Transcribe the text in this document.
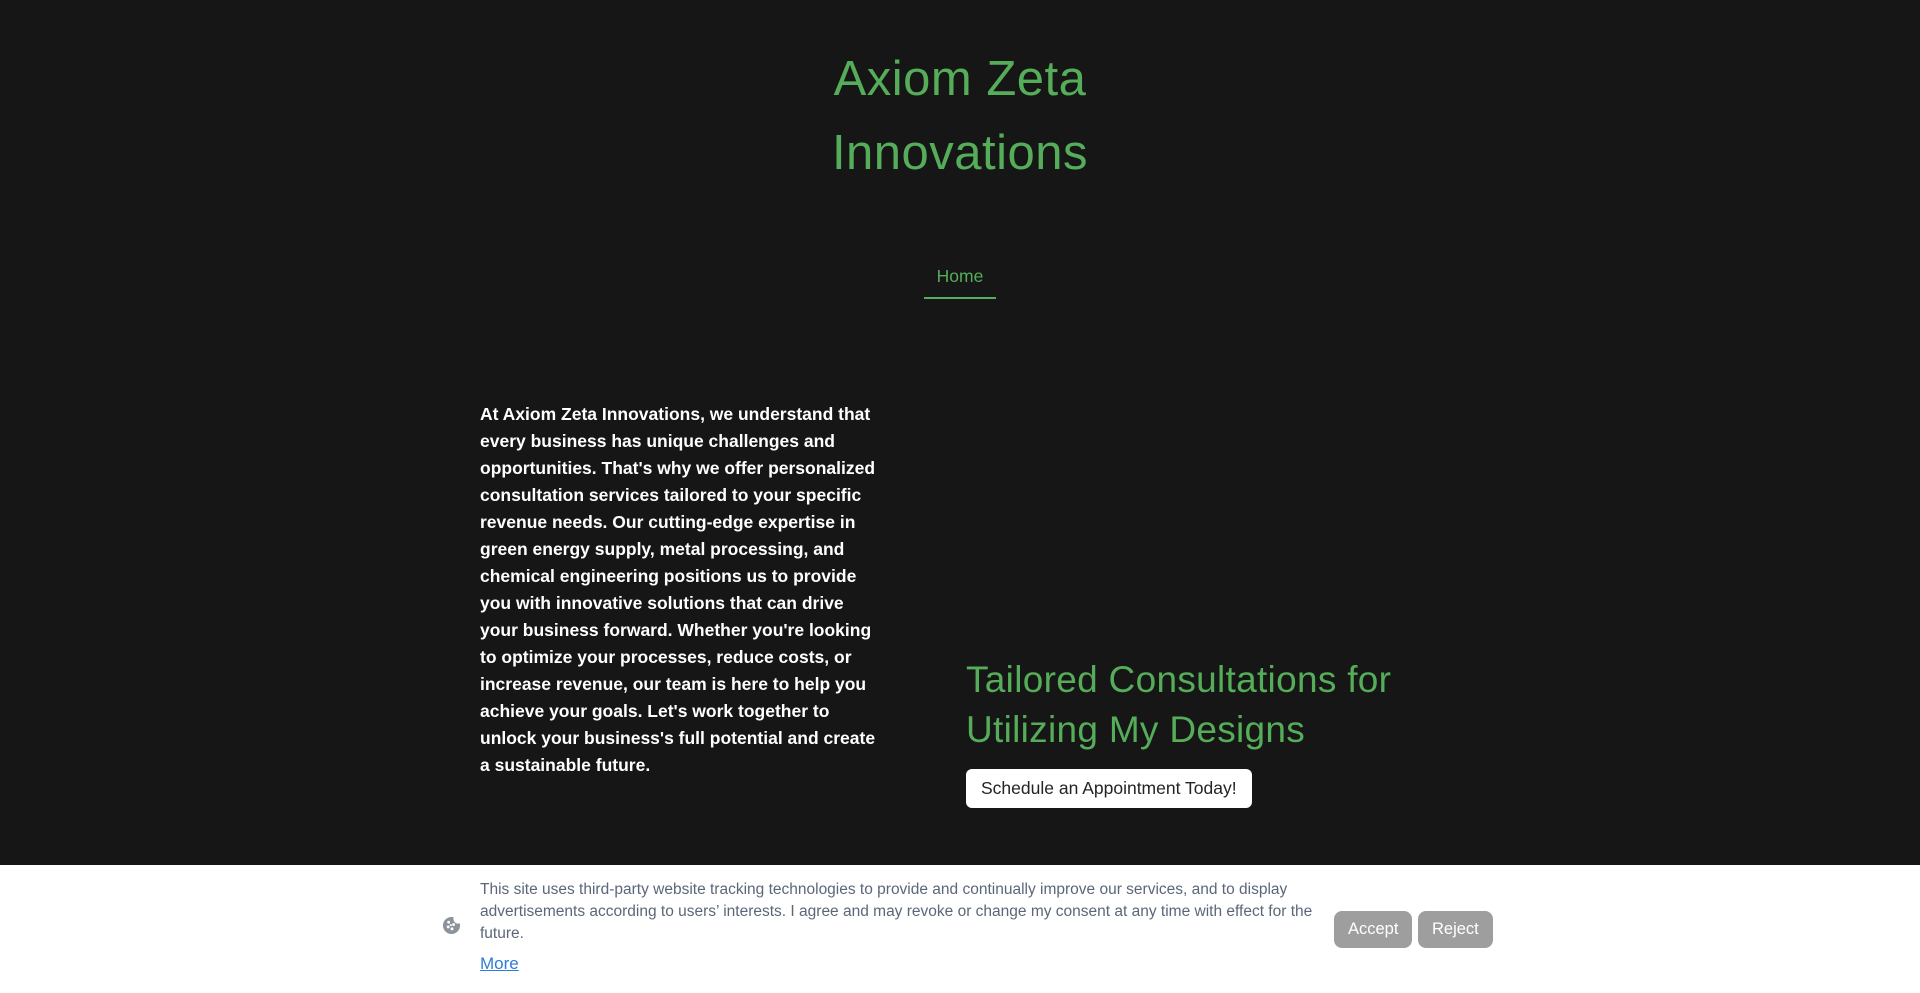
Axiom Zeta Innovations
Home

At Axiom Zeta Innovations, we understand that every business has unique challenges and opportunities. That's why we offer personalized consultation services tailored to your specific revenue needs. Our cutting-edge expertise in green energy supply, metal processing, and chemical engineering positions us to provide you with innovative solutions that can drive your business forward. Whether you're looking to optimize your processes, reduce costs, or increase revenue, our team is here to help you achieve your goals. Let's work together to unlock your business's full potential and create a sustainable future.

Tailored Consultations for Utilizing My Designs
Schedule an Appointment Today!

This site uses third-party website tracking technologies to provide and continually improve our services, and to display advertisements according to users’ interests. I agree and may revoke or change my consent at any time with effect for the future.

More
Accept	Reject
